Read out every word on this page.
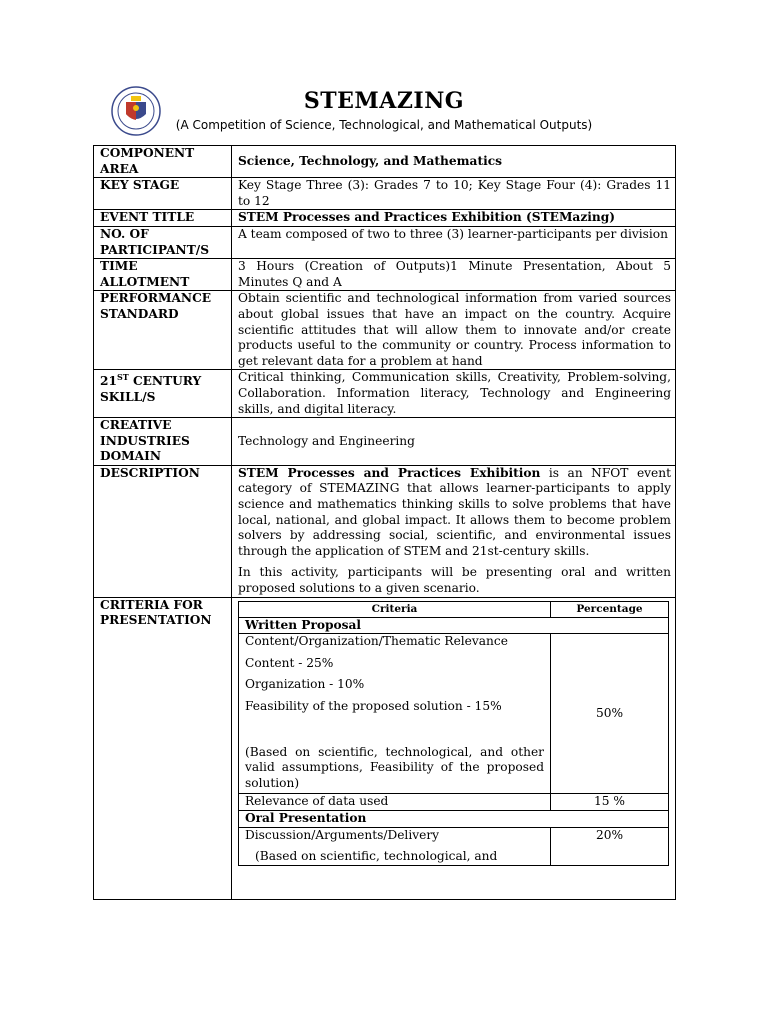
STEMAZING
(A Competition of Science, Technological, and Mathematical Outputs)
COMPONENT AREA	Science, Technology, and Mathematics
KEY STAGE	Key Stage Three (3): Grades 7 to 10; Key Stage Four (4): Grades 11 to 12
EVENT TITLE	STEM Processes and Practices Exhibition (STEMazing)
NO. OF PARTICIPANT/S	A team composed of two to three (3) learner-participants per division
TIME ALLOTMENT	3 Hours (Creation of Outputs)1 Minute Presentation, About 5 Minutes Q and A
PERFORMANCE STANDARD	Obtain scientific and technological information from varied sources about global issues that have an impact on the country. Acquire scientific attitudes that will allow them to innovate and/or create products useful to the community or country. Process information to get relevant data for a problem at hand
21ST CENTURY SKILL/S	Critical thinking, Communication skills, Creativity, Problem-solving, Collaboration. Information literacy, Technology and Engineering skills, and digital literacy.
CREATIVE INDUSTRIES DOMAIN	Technology and Engineering
DESCRIPTION	STEM Processes and Practices Exhibition is an NFOT event category of STEMAZING that allows learner-participants to apply science and mathematics thinking skills to solve problems that have local, national, and global impact. It allows them to become problem solvers by addressing social, scientific, and environmental issues through the application of STEM and 21st-century skills.

In this activity, participants will be presenting oral and written proposed solutions to a given scenario.

CRITERIA FOR PRESENTATION	
Criteria	Percentage
Written Proposal

Content/Organization/Thematic Relevance

Content - 25%

Organization - 10%

Feasibility of the proposed solution - 15%

(Based on scientific, technological, and other valid assumptions, Feasibility of the proposed solution)

	50%
Relevance of data used	15 %
Oral Presentation

Discussion/Arguments/Delivery

(Based on scientific, technological, and

	20%
